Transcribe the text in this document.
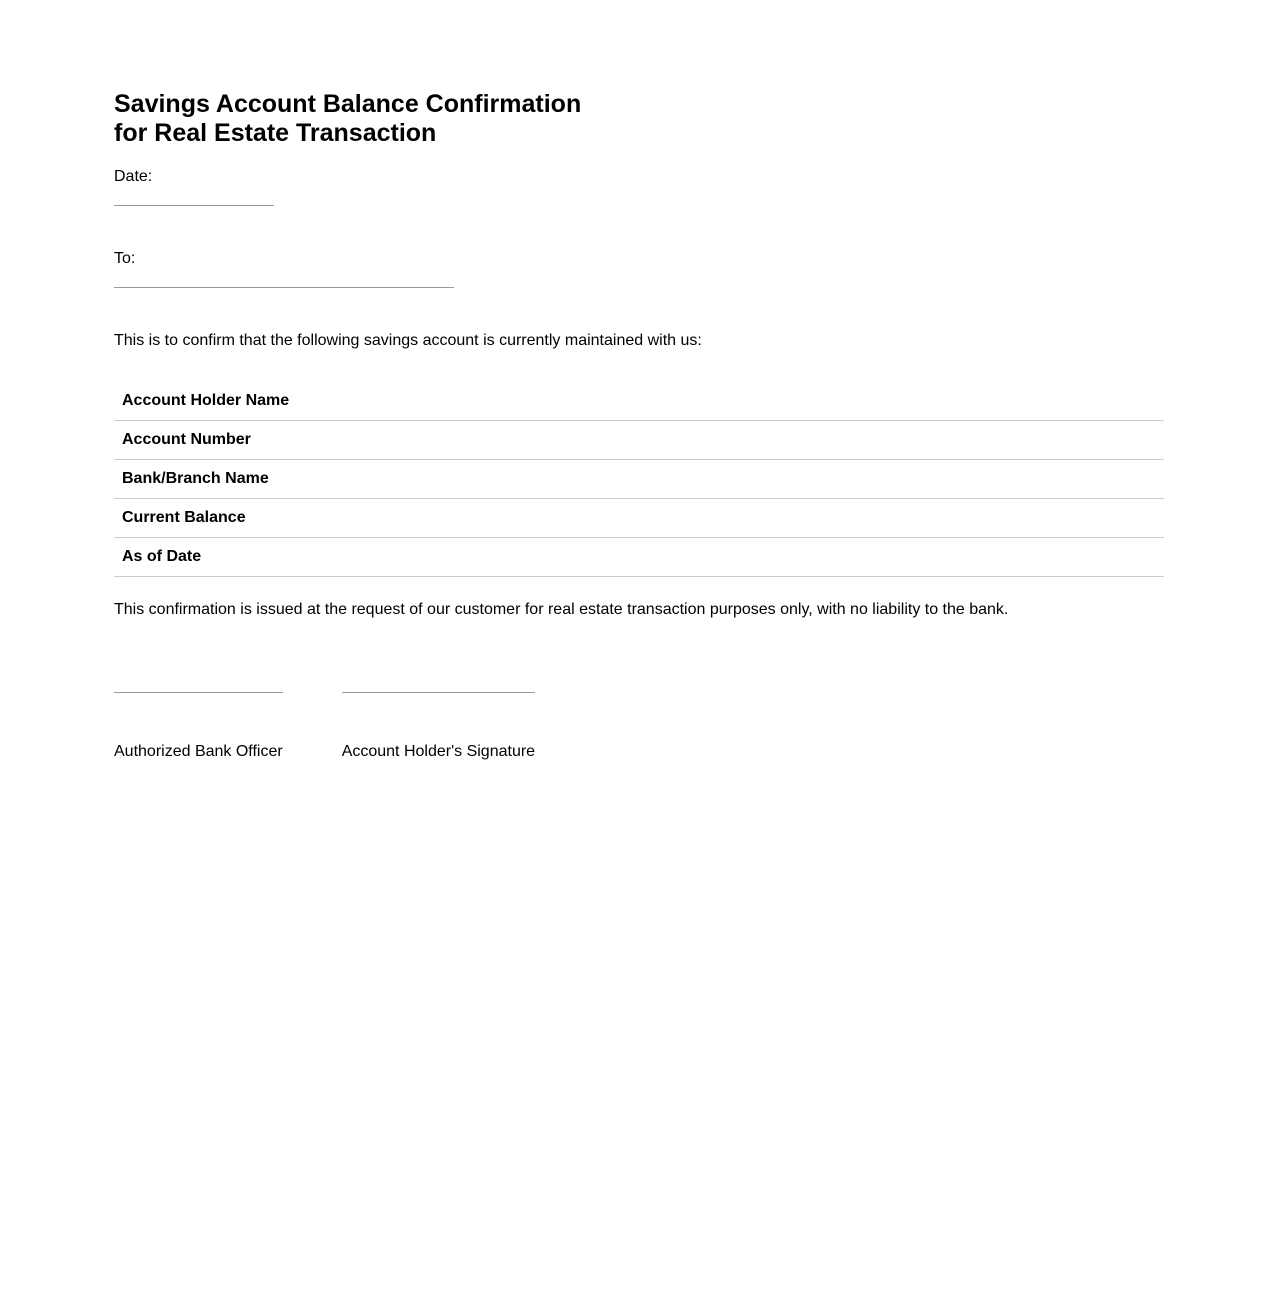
Savings Account Balance Confirmation
for Real Estate Transaction
Date:
To:
This is to confirm that the following savings account is currently maintained with us:
Account Holder Name
Account Number
Bank/Branch Name
Current Balance
As of Date
This confirmation is issued at the request of our customer for real estate transaction purposes only, with no liability to the bank.
Authorized Bank Officer	Account Holder's Signature
